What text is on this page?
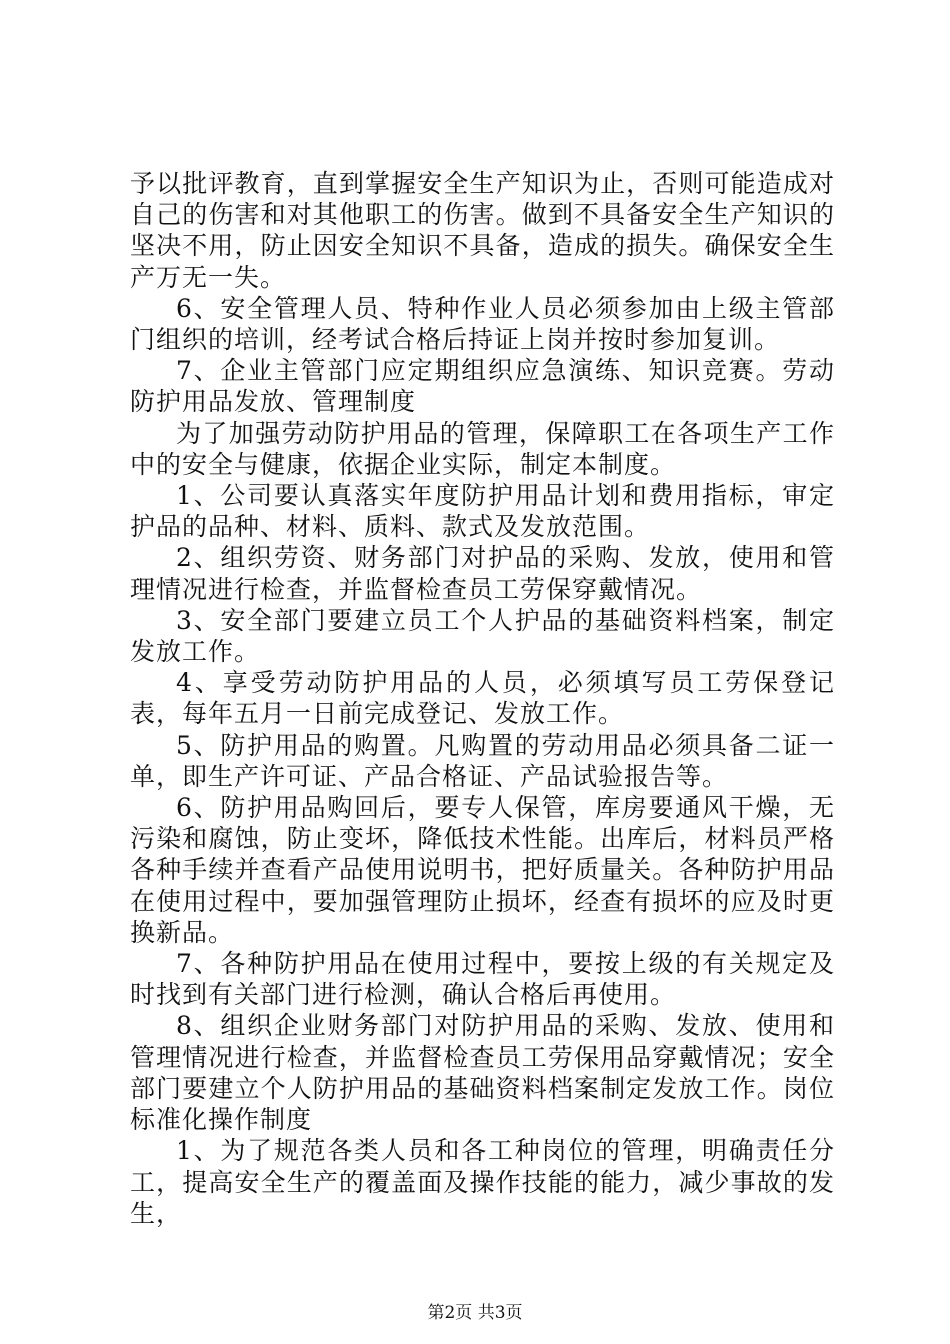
予以批评教育，直到掌握安全生产知识为止，否则可能造成对自己的伤害和对其他职工的伤害。做到不具备安全生产知识的坚决不用，防止因安全知识不具备，造成的损失。确保安全生产万无一失。

6、安全管理人员、特种作业人员必须参加由上级主管部门组织的培训，经考试合格后持证上岗并按时参加复训。

7、企业主管部门应定期组织应急演练、知识竞赛。劳动防护用品发放、管理制度

为了加强劳动防护用品的管理，保障职工在各项生产工作中的安全与健康，依据企业实际，制定本制度。

1、公司要认真落实年度防护用品计划和费用指标，审定护品的品种、材料、质料、款式及发放范围。

2、组织劳资、财务部门对护品的采购、发放，使用和管理情况进行检查，并监督检查员工劳保穿戴情况。

3、安全部门要建立员工个人护品的基础资料档案，制定发放工作。

4、享受劳动防护用品的人员，必须填写员工劳保登记表，每年五月一日前完成登记、发放工作。

5、防护用品的购置。凡购置的劳动用品必须具备二证一单，即生产许可证、产品合格证、产品试验报告等。

6、防护用品购回后，要专人保管，库房要通风干燥，无污染和腐蚀，防止变坏，降低技术性能。出库后，材料员严格各种手续并查看产品使用说明书，把好质量关。各种防护用品在使用过程中，要加强管理防止损坏，经查有损坏的应及时更换新品。

7、各种防护用品在使用过程中，要按上级的有关规定及时找到有关部门进行检测，确认合格后再使用。

8、组织企业财务部门对防护用品的采购、发放、使用和管理情况进行检查，并监督检查员工劳保用品穿戴情况；安全部门要建立个人防护用品的基础资料档案制定发放工作。岗位标准化操作制度

1、为了规范各类人员和各工种岗位的管理，明确责任分工，提高安全生产的覆盖面及操作技能的能力，减少事故的发生，

第2页 共3页
